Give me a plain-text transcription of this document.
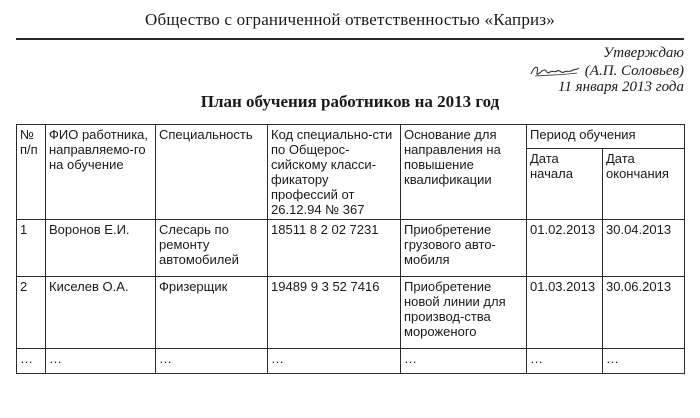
Общество с ограниченной ответственностью «Каприз»
Утверждаю
(А.П. Соловьев)
11 января 2013 года
План обучения работников на 2013 год
№ п/п	ФИО работника, направляемо-го на обучение	Специальность	Код специально-сти по Общерос-сийскому класси-фикатору профессий от 26.12.94 № 367	Основание для направления на повышение квалификации	Период обучения	
					Дата начала	Дата окончания
1	Воронов Е.И.	Слесарь по ремонту автомобилей	18511 8 2 02 7231	Приобретение грузового авто-мобиля	01.02.2013	30.04.2013
2	Киселев О.А.	Фризерщик	19489 9 3 52 7416	Приобретение новой линии для производ-ства мороженого	01.03.2013	30.06.2013
…	…	…	…	…	…	…
